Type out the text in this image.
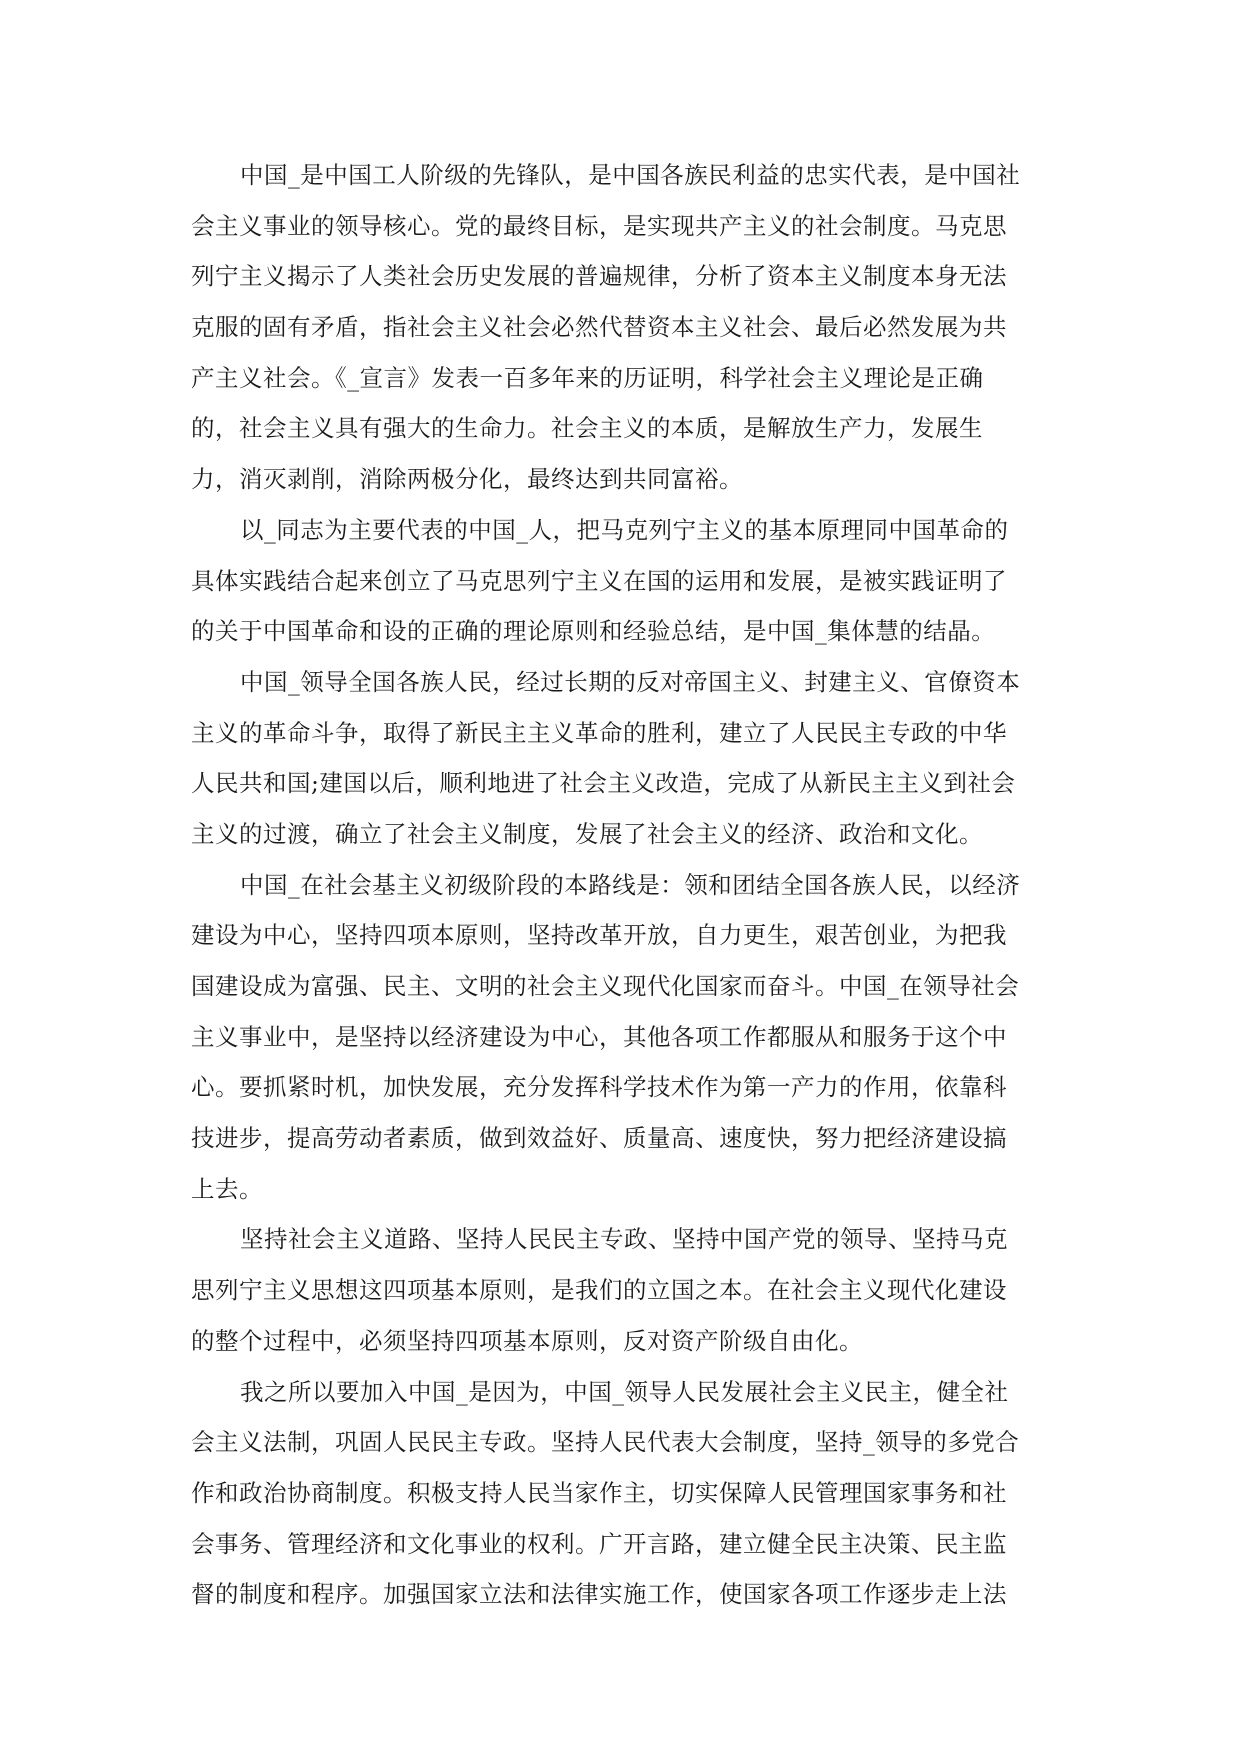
中国_是中国工人阶级的先锋队，是中国各族民利益的忠实代表，是中国社
会主义事业的领导核心。党的最终目标，是实现共产主义的社会制度。马克思
列宁主义揭示了人类社会历史发展的普遍规律，分析了资本主义制度本身无法
克服的固有矛盾，指社会主义社会必然代替资本主义社会、最后必然发展为共
产主义社会。《_宣言》发表一百多年来的历证明，科学社会主义理论是正确
的，社会主义具有强大的生命力。社会主义的本质，是解放生产力，发展生
力，消灭剥削，消除两极分化，最终达到共同富裕。

以_同志为主要代表的中国_人，把马克列宁主义的基本原理同中国革命的
具体实践结合起来创立了马克思列宁主义在国的运用和发展，是被实践证明了
的关于中国革命和设的正确的理论原则和经验总结，是中国_集体慧的结晶。

中国_领导全国各族人民，经过长期的反对帝国主义、封建主义、官僚资本
主义的革命斗争，取得了新民主主义革命的胜利，建立了人民民主专政的中华
人民共和国;建国以后，顺利地进了社会主义改造，完成了从新民主主义到社会
主义的过渡，确立了社会主义制度，发展了社会主义的经济、政治和文化。

中国_在社会基主义初级阶段的本路线是：领和团结全国各族人民，以经济
建设为中心，坚持四项本原则，坚持改革开放，自力更生，艰苦创业，为把我
国建设成为富强、民主、文明的社会主义现代化国家而奋斗。中国_在领导社会
主义事业中，是坚持以经济建设为中心，其他各项工作都服从和服务于这个中
心。要抓紧时机，加快发展，充分发挥科学技术作为第一产力的作用，依靠科
技进步，提高劳动者素质，做到效益好、质量高、速度快，努力把经济建设搞
上去。

坚持社会主义道路、坚持人民民主专政、坚持中国产党的领导、坚持马克
思列宁主义思想这四项基本原则，是我们的立国之本。在社会主义现代化建设
的整个过程中，必须坚持四项基本原则，反对资产阶级自由化。

我之所以要加入中国_是因为，中国_领导人民发展社会主义民主，健全社
会主义法制，巩固人民民主专政。坚持人民代表大会制度，坚持_领导的多党合
作和政治协商制度。积极支持人民当家作主，切实保障人民管理国家事务和社
会事务、管理经济和文化事业的权利。广开言路，建立健全民主决策、民主监
督的制度和程序。加强国家立法和法律实施工作，使国家各项工作逐步走上法
